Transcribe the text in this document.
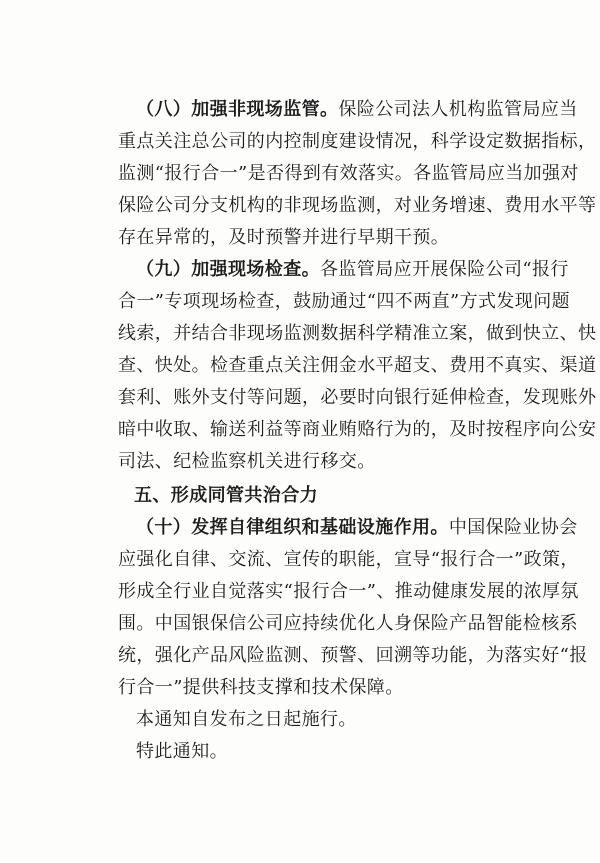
（八）加强非现场监管。保险公司法人机构监管局应当
重点关注总公司的内控制度建设情况，科学设定数据指标，
监测“报行合一”是否得到有效落实。各监管局应当加强对
保险公司分支机构的非现场监测，对业务增速、费用水平等
存在异常的，及时预警并进行早期干预。
（九）加强现场检查。各监管局应开展保险公司“报行
合一”专项现场检查，鼓励通过“四不两直”方式发现问题
线索，并结合非现场监测数据科学精准立案，做到快立、快
查、快处。检查重点关注佣金水平超支、费用不真实、渠道
套利、账外支付等问题，必要时向银行延伸检查，发现账外
暗中收取、输送利益等商业贿赂行为的，及时按程序向公安
司法、纪检监察机关进行移交。
五、形成同管共治合力
（十）发挥自律组织和基础设施作用。中国保险业协会
应强化自律、交流、宣传的职能，宣导“报行合一”政策，
形成全行业自觉落实“报行合一”、推动健康发展的浓厚氛
围。中国银保信公司应持续优化人身保险产品智能检核系
统，强化产品风险监测、预警、回溯等功能，为落实好“报
行合一”提供科技支撑和技术保障。
本通知自发布之日起施行。
特此通知。
